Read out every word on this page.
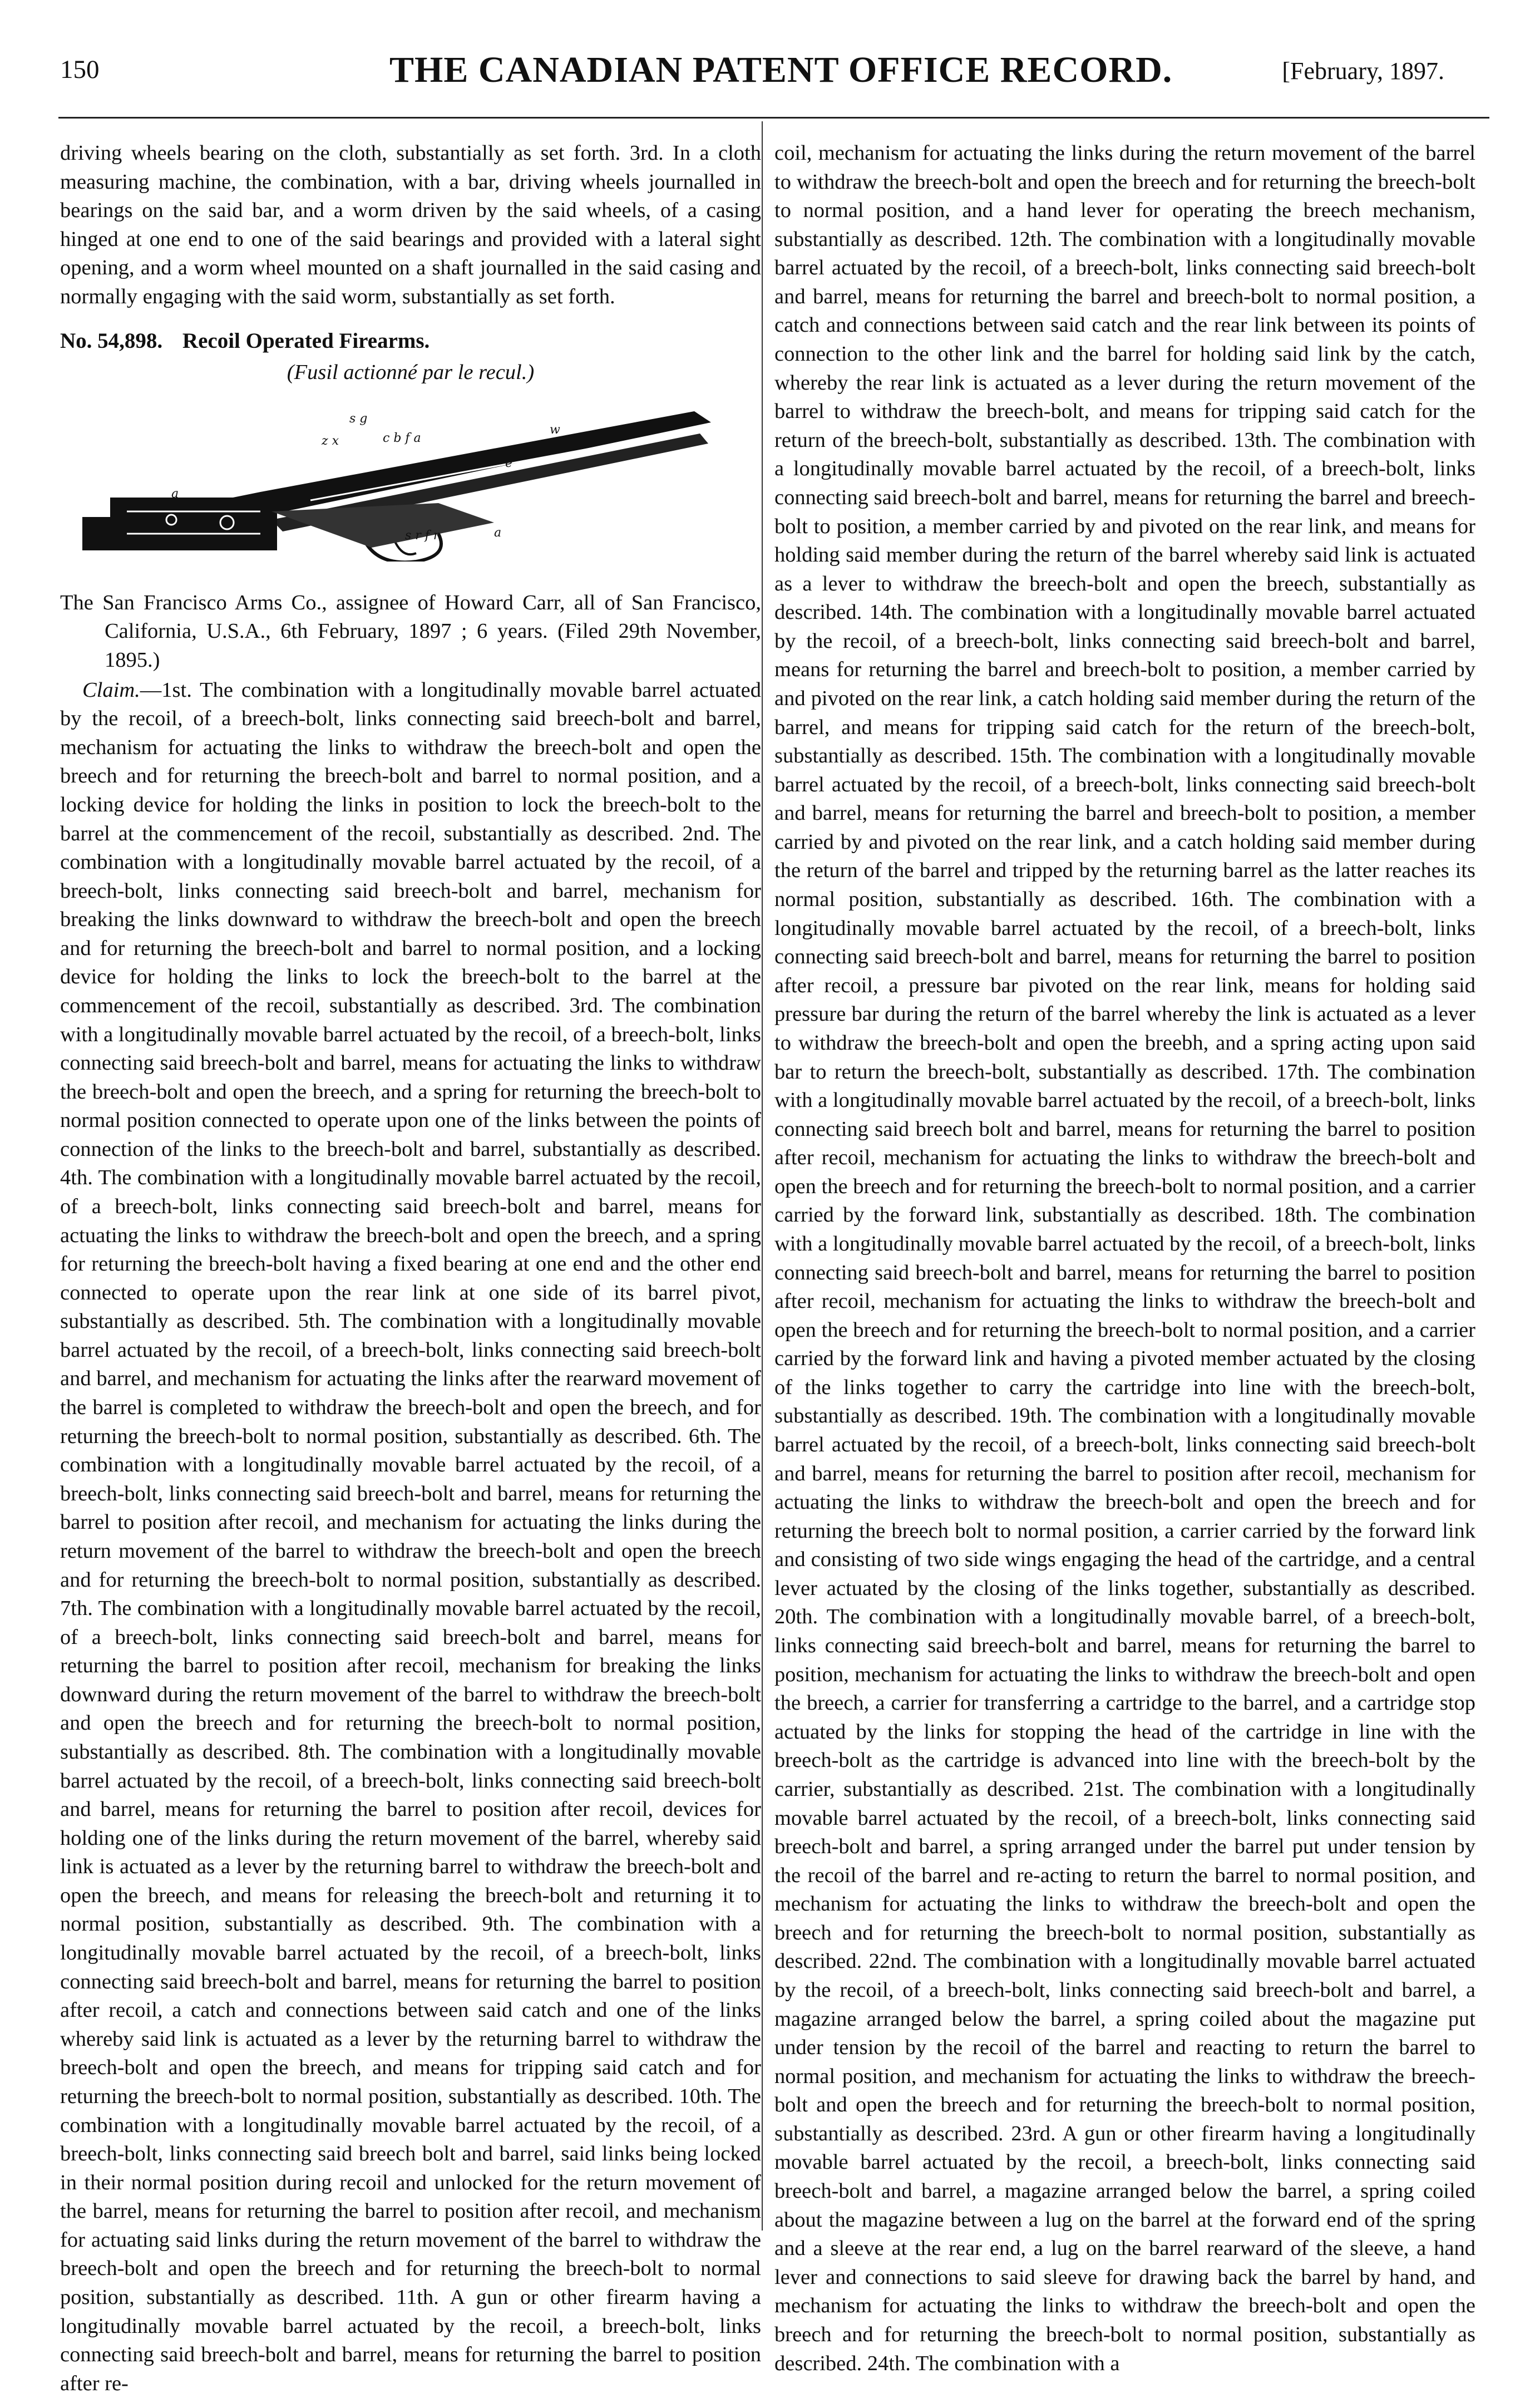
150	THE CANADIAN PATENT OFFICE RECORD.	[February, 1897.

driving wheels bearing on the cloth, substantially as set forth. 3rd. In a cloth measuring machine, the combination, with a bar, driving wheels journalled in bearings on the said bar, and a worm driven by the said wheels, of a casing hinged at one end to one of the said bearings and provided with a lateral sight opening, and a worm wheel mounted on a shaft journalled in the said casing and normally engaging with the said worm, substantially as set forth.

No. 54,898. Recoil Operated Firearms.

(Fusil actionné par le recul.)

s g
z x	c b f a
w
s r f r	a
a
e

The San Francisco Arms Co., assignee of Howard Carr, all of San Francisco, California, U.S.A., 6th February, 1897 ; 6 years. (Filed 29th November, 1895.)

Claim.—1st. The combination with a longitudinally movable barrel actuated by the recoil, of a breech-bolt, links connecting said breech-bolt and barrel, mechanism for actuating the links to withdraw the breech-bolt and open the breech and for returning the breech-bolt and barrel to normal position, and a locking device for holding the links in position to lock the breech-bolt to the barrel at the commencement of the recoil, substantially as described. 2nd. The combination with a longitudinally movable barrel actuated by the recoil, of a breech-bolt, links connecting said breech-bolt and barrel, mechanism for breaking the links downward to withdraw the breech-bolt and open the breech and for returning the breech-bolt and barrel to normal position, and a locking device for holding the links to lock the breech-bolt to the barrel at the commencement of the recoil, substantially as described. 3rd. The combination with a longitudinally movable barrel actuated by the recoil, of a breech-bolt, links connecting said breech-bolt and barrel, means for actuating the links to withdraw the breech-bolt and open the breech, and a spring for returning the breech-bolt to normal position connected to operate upon one of the links between the points of connection of the links to the breech-bolt and barrel, substantially as described. 4th. The combination with a longitudinally movable barrel actuated by the recoil, of a breech-bolt, links connecting said breech-bolt and barrel, means for actuating the links to withdraw the breech-bolt and open the breech, and a spring for returning the breech-bolt having a fixed bearing at one end and the other end connected to operate upon the rear link at one side of its barrel pivot, substantially as described. 5th. The combination with a longitudinally movable barrel actuated by the recoil, of a breech-bolt, links connecting said breech-bolt and barrel, and mechanism for actuating the links after the rearward movement of the barrel is completed to withdraw the breech-bolt and open the breech, and for returning the breech-bolt to normal position, substantially as described. 6th. The combination with a longitudinally movable barrel actuated by the recoil, of a breech-bolt, links connecting said breech-bolt and barrel, means for returning the barrel to position after recoil, and mechanism for actuating the links during the return movement of the barrel to withdraw the breech-bolt and open the breech and for returning the breech-bolt to normal position, substantially as described. 7th. The combination with a longitudinally movable barrel actuated by the recoil, of a breech-bolt, links connecting said breech-bolt and barrel, means for returning the barrel to position after recoil, mechanism for breaking the links downward during the return movement of the barrel to withdraw the breech-bolt and open the breech and for returning the breech-bolt to normal position, substantially as described. 8th. The combination with a longitudinally movable barrel actuated by the recoil, of a breech-bolt, links connecting said breech-bolt and barrel, means for returning the barrel to position after recoil, devices for holding one of the links during the return movement of the barrel, whereby said link is actuated as a lever by the returning barrel to withdraw the breech-bolt and open the breech, and means for releasing the breech-bolt and returning it to normal position, substantially as described. 9th. The combination with a longitudinally movable barrel actuated by the recoil, of a breech-bolt, links connecting said breech-bolt and barrel, means for returning the barrel to position after recoil, a catch and connections between said catch and one of the links whereby said link is actuated as a lever by the returning barrel to withdraw the breech-bolt and open the breech, and means for tripping said catch and for returning the breech-bolt to normal position, substantially as described. 10th. The combination with a longitudinally movable barrel actuated by the recoil, of a breech-bolt, links connecting said breech bolt and barrel, said links being locked in their normal position during recoil and unlocked for the return movement of the barrel, means for returning the barrel to position after recoil, and mechanism for actuating said links during the return movement of the barrel to withdraw the breech-bolt and open the breech and for returning the breech-bolt to normal position, substantially as described. 11th. A gun or other firearm having a longitudinally movable barrel actuated by the recoil, a breech-bolt, links connecting said breech-bolt and barrel, means for returning the barrel to position after re-

coil, mechanism for actuating the links during the return movement of the barrel to withdraw the breech-bolt and open the breech and for returning the breech-bolt to normal position, and a hand lever for operating the breech mechanism, substantially as described. 12th. The combination with a longitudinally movable barrel actuated by the recoil, of a breech-bolt, links connecting said breech-bolt and barrel, means for returning the barrel and breech-bolt to normal position, a catch and connections between said catch and the rear link between its points of connection to the other link and the barrel for holding said link by the catch, whereby the rear link is actuated as a lever during the return movement of the barrel to withdraw the breech-bolt, and means for tripping said catch for the return of the breech-bolt, substantially as described. 13th. The combination with a longitudinally movable barrel actuated by the recoil, of a breech-bolt, links connecting said breech-bolt and barrel, means for returning the barrel and breech-bolt to position, a member carried by and pivoted on the rear link, and means for holding said member during the return of the barrel whereby said link is actuated as a lever to withdraw the breech-bolt and open the breech, substantially as described. 14th. The combination with a longitudinally movable barrel actuated by the recoil, of a breech-bolt, links connecting said breech-bolt and barrel, means for returning the barrel and breech-bolt to position, a member carried by and pivoted on the rear link, a catch holding said member during the return of the barrel, and means for tripping said catch for the return of the breech-bolt, substantially as described. 15th. The combination with a longitudinally movable barrel actuated by the recoil, of a breech-bolt, links connecting said breech-bolt and barrel, means for returning the barrel and breech-bolt to position, a member carried by and pivoted on the rear link, and a catch holding said member during the return of the barrel and tripped by the returning barrel as the latter reaches its normal position, substantially as described. 16th. The combination with a longitudinally movable barrel actuated by the recoil, of a breech-bolt, links connecting said breech-bolt and barrel, means for returning the barrel to position after recoil, a pressure bar pivoted on the rear link, means for holding said pressure bar during the return of the barrel whereby the link is actuated as a lever to withdraw the breech-bolt and open the breebh, and a spring acting upon said bar to return the breech-bolt, substantially as described. 17th. The combination with a longitudinally movable barrel actuated by the recoil, of a breech-bolt, links connecting said breech bolt and barrel, means for returning the barrel to position after recoil, mechanism for actuating the links to withdraw the breech-bolt and open the breech and for returning the breech-bolt to normal position, and a carrier carried by the forward link, substantially as described. 18th. The combination with a longitudinally movable barrel actuated by the recoil, of a breech-bolt, links connecting said breech-bolt and barrel, means for returning the barrel to position after recoil, mechanism for actuating the links to withdraw the breech-bolt and open the breech and for returning the breech-bolt to normal position, and a carrier carried by the forward link and having a pivoted member actuated by the closing of the links together to carry the cartridge into line with the breech-bolt, substantially as described. 19th. The combination with a longitudinally movable barrel actuated by the recoil, of a breech-bolt, links connecting said breech-bolt and barrel, means for returning the barrel to position after recoil, mechanism for actuating the links to withdraw the breech-bolt and open the breech and for returning the breech bolt to normal position, a carrier carried by the forward link and consisting of two side wings engaging the head of the cartridge, and a central lever actuated by the closing of the links together, substantially as described. 20th. The combination with a longitudinally movable barrel, of a breech-bolt, links connecting said breech-bolt and barrel, means for returning the barrel to position, mechanism for actuating the links to withdraw the breech-bolt and open the breech, a carrier for transferring a cartridge to the barrel, and a cartridge stop actuated by the links for stopping the head of the cartridge in line with the breech-bolt as the cartridge is advanced into line with the breech-bolt by the carrier, substantially as described. 21st. The combination with a longitudinally movable barrel actuated by the recoil, of a breech-bolt, links connecting said breech-bolt and barrel, a spring arranged under the barrel put under tension by the recoil of the barrel and re-acting to return the barrel to normal position, and mechanism for actuating the links to withdraw the breech-bolt and open the breech and for returning the breech-bolt to normal position, substantially as described. 22nd. The combination with a longitudinally movable barrel actuated by the recoil, of a breech-bolt, links connecting said breech-bolt and barrel, a magazine arranged below the barrel, a spring coiled about the magazine put under tension by the recoil of the barrel and reacting to return the barrel to normal position, and mechanism for actuating the links to withdraw the breech-bolt and open the breech and for returning the breech-bolt to normal position, substantially as described. 23rd. A gun or other firearm having a longitudinally movable barrel actuated by the recoil, a breech-bolt, links connecting said breech-bolt and barrel, a magazine arranged below the barrel, a spring coiled about the magazine between a lug on the barrel at the forward end of the spring and a sleeve at the rear end, a lug on the barrel rearward of the sleeve, a hand lever and connections to said sleeve for drawing back the barrel by hand, and mechanism for actuating the links to withdraw the breech-bolt and open the breech and for returning the breech-bolt to normal position, substantially as described. 24th. The combination with a
